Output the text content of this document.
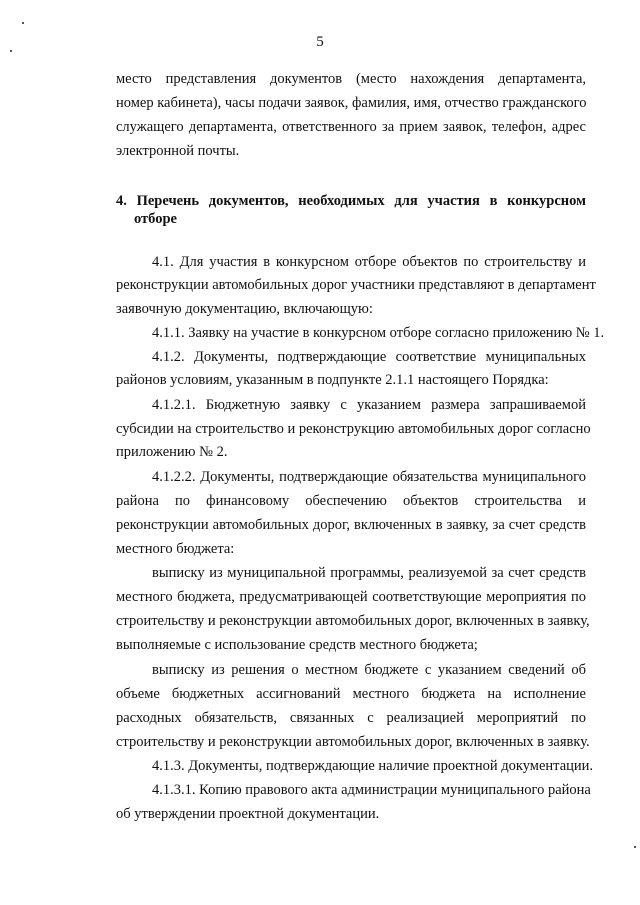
5
место представления документов (место нахождения департамента,
номер кабинета), часы подачи заявок, фамилия, имя, отчество гражданского
служащего департамента, ответственного за прием заявок, телефон, адрес
электронной почты.
4. Перечень документов, необходимых для участия в конкурсном
отборе
4.1. Для участия в конкурсном отборе объектов по строительству и
реконструкции автомобильных дорог участники представляют в департамент
заявочную документацию, включающую:
4.1.1. Заявку на участие в конкурсном отборе согласно приложению № 1.
4.1.2. Документы, подтверждающие соответствие муниципальных
районов условиям, указанным в подпункте 2.1.1 настоящего Порядка:
4.1.2.1. Бюджетную заявку с указанием размера запрашиваемой
субсидии на строительство и реконструкцию автомобильных дорог согласно
приложению № 2.
4.1.2.2. Документы, подтверждающие обязательства муниципального
района по финансовому обеспечению объектов строительства и
реконструкции автомобильных дорог, включенных в заявку, за счет средств
местного бюджета:
выписку из муниципальной программы, реализуемой за счет средств
местного бюджета, предусматривающей соответствующие мероприятия по
строительству и реконструкции автомобильных дорог, включенных в заявку,
выполняемые с использование средств местного бюджета;
выписку из решения о местном бюджете с указанием сведений об
объеме бюджетных ассигнований местного бюджета на исполнение
расходных обязательств, связанных с реализацией мероприятий по
строительству и реконструкции автомобильных дорог, включенных в заявку.
4.1.3. Документы, подтверждающие наличие проектной документации.
4.1.3.1. Копию правового акта администрации муниципального района
об утверждении проектной документации.
